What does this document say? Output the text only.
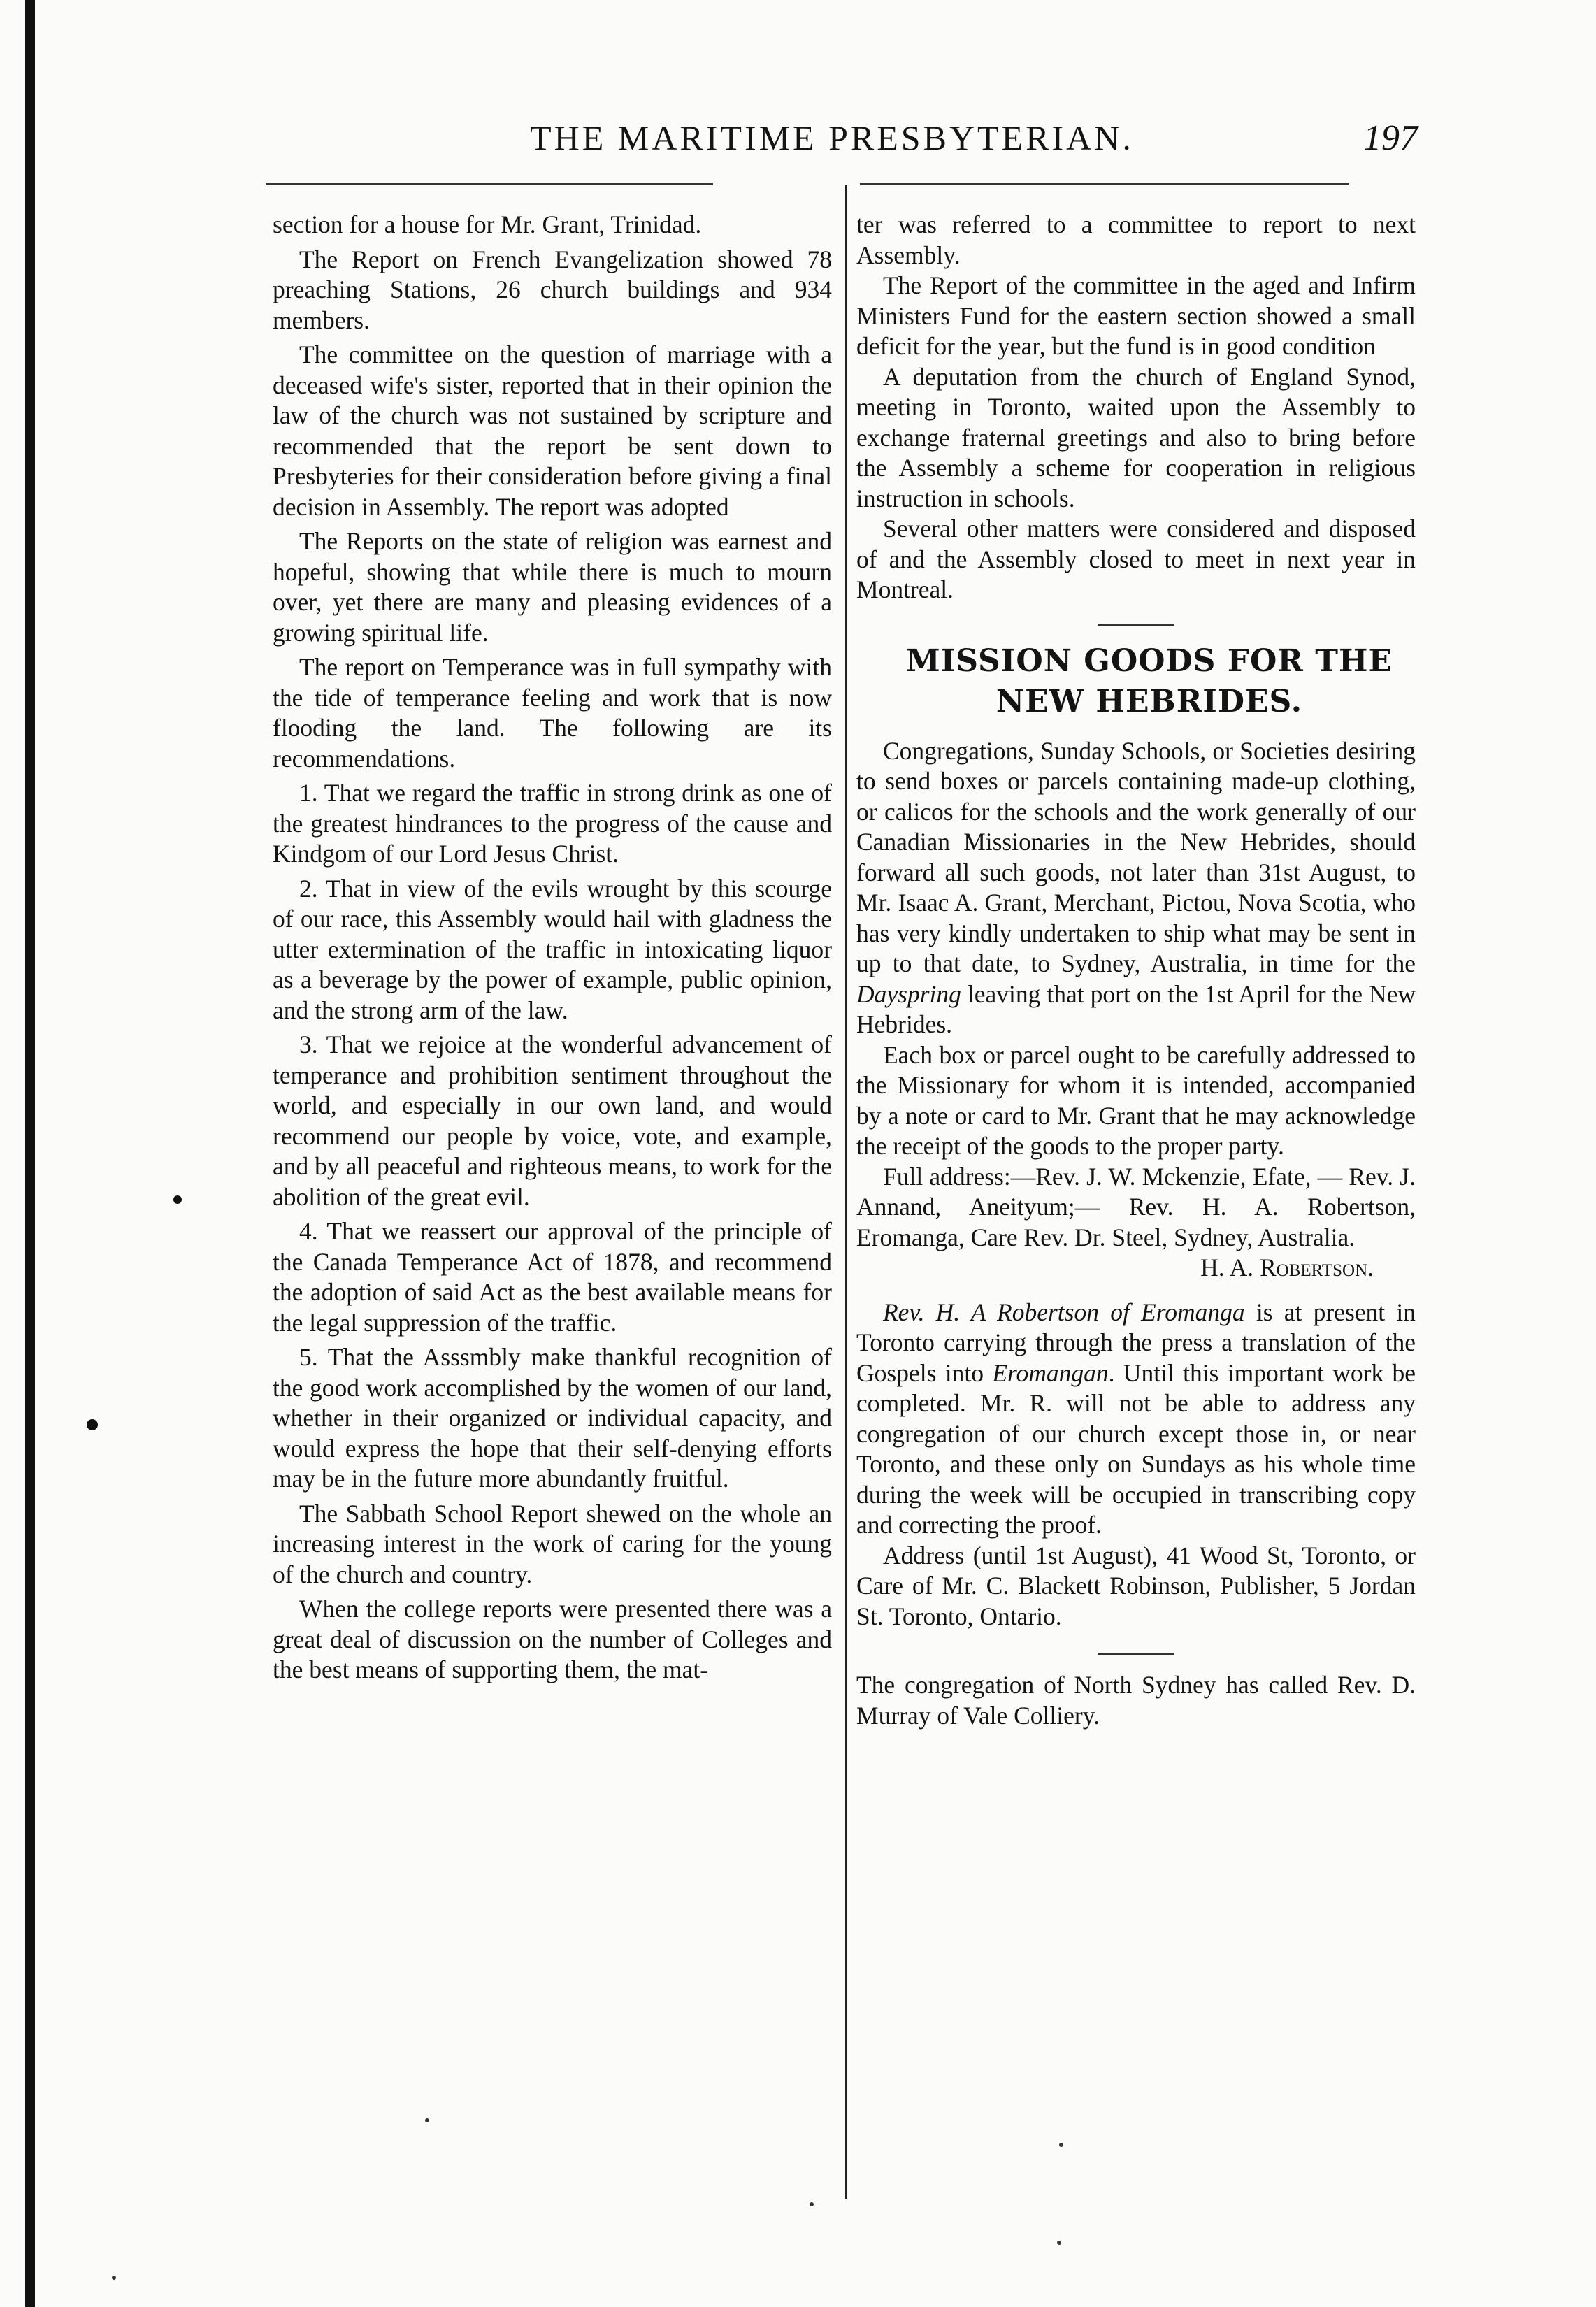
THE MARITIME PRESBYTERIAN.	197

section for a house for Mr. Grant, Trinidad.

The Report on French Evangelization showed 78 preaching Stations, 26 church buildings and 934 members.

The committee on the question of marriage with a deceased wife's sister, reported that in their opinion the law of the church was not sustained by scripture and recommended that the report be sent down to Presbyteries for their consideration before giving a final decision in Assembly. The report was adopted

The Reports on the state of religion was earnest and hopeful, showing that while there is much to mourn over, yet there are many and pleasing evidences of a growing spiritual life.

The report on Temperance was in full sympathy with the tide of temperance feeling and work that is now flooding the land. The following are its recommendations.

1. That we regard the traffic in strong drink as one of the greatest hindrances to the progress of the cause and Kindgom of our Lord Jesus Christ.

2. That in view of the evils wrought by this scourge of our race, this Assembly would hail with gladness the utter extermination of the traffic in intoxicating liquor as a beverage by the power of example, public opinion, and the strong arm of the law.

3. That we rejoice at the wonderful advancement of temperance and prohibition sentiment throughout the world, and especially in our own land, and would recommend our people by voice, vote, and example, and by all peaceful and righteous means, to work for the abolition of the great evil.

4. That we reassert our approval of the principle of the Canada Temperance Act of 1878, and recommend the adoption of said Act as the best available means for the legal suppression of the traffic.

5. That the Asssmbly make thankful recognition of the good work accomplished by the women of our land, whether in their organized or individual capacity, and would express the hope that their self-denying efforts may be in the future more abundantly fruitful.

The Sabbath School Report shewed on the whole an increasing interest in the work of caring for the young of the church and country.

When the college reports were presented there was a great deal of discussion on the number of Colleges and the best means of supporting them, the mat-

ter was referred to a committee to report to next Assembly.

The Report of the committee in the aged and Infirm Ministers Fund for the eastern section showed a small deficit for the year, but the fund is in good condition

A deputation from the church of England Synod, meeting in Toronto, waited upon the Assembly to exchange fraternal greetings and also to bring before the Assembly a scheme for cooperation in religious instruction in schools.

Several other matters were considered and disposed of and the Assembly closed to meet in next year in Montreal.

MISSION GOODS FOR THE

NEW HEBRIDES.

Congregations, Sunday Schools, or Societies desiring to send boxes or parcels containing made-up clothing, or calicos for the schools and the work generally of our Canadian Missionaries in the New Hebrides, should forward all such goods, not later than 31st August, to Mr. Isaac A. Grant, Merchant, Pictou, Nova Scotia, who has very kindly undertaken to ship what may be sent in up to that date, to Sydney, Australia, in time for the Dayspring leaving that port on the 1st April for the New Hebrides.

Each box or parcel ought to be carefully addressed to the Missionary for whom it is intended, accompanied by a note or card to Mr. Grant that he may acknowledge the receipt of the goods to the proper party.

Full address:—Rev. J. W. Mckenzie, Efate, — Rev. J. Annand, Aneityum;— Rev. H. A. Robertson, Eromanga, Care Rev. Dr. Steel, Sydney, Australia.

H. A. Robertson.

Rev. H. A Robertson of Eromanga is at present in Toronto carrying through the press a translation of the Gospels into Eromangan. Until this important work be completed. Mr. R. will not be able to address any congregation of our church except those in, or near Toronto, and these only on Sundays as his whole time during the week will be occupied in transcribing copy and correcting the proof.

Address (until 1st August), 41 Wood St, Toronto, or Care of Mr. C. Blackett Robinson, Publisher, 5 Jordan St. Toronto, Ontario.

The congregation of North Sydney has called Rev. D. Murray of Vale Colliery.
